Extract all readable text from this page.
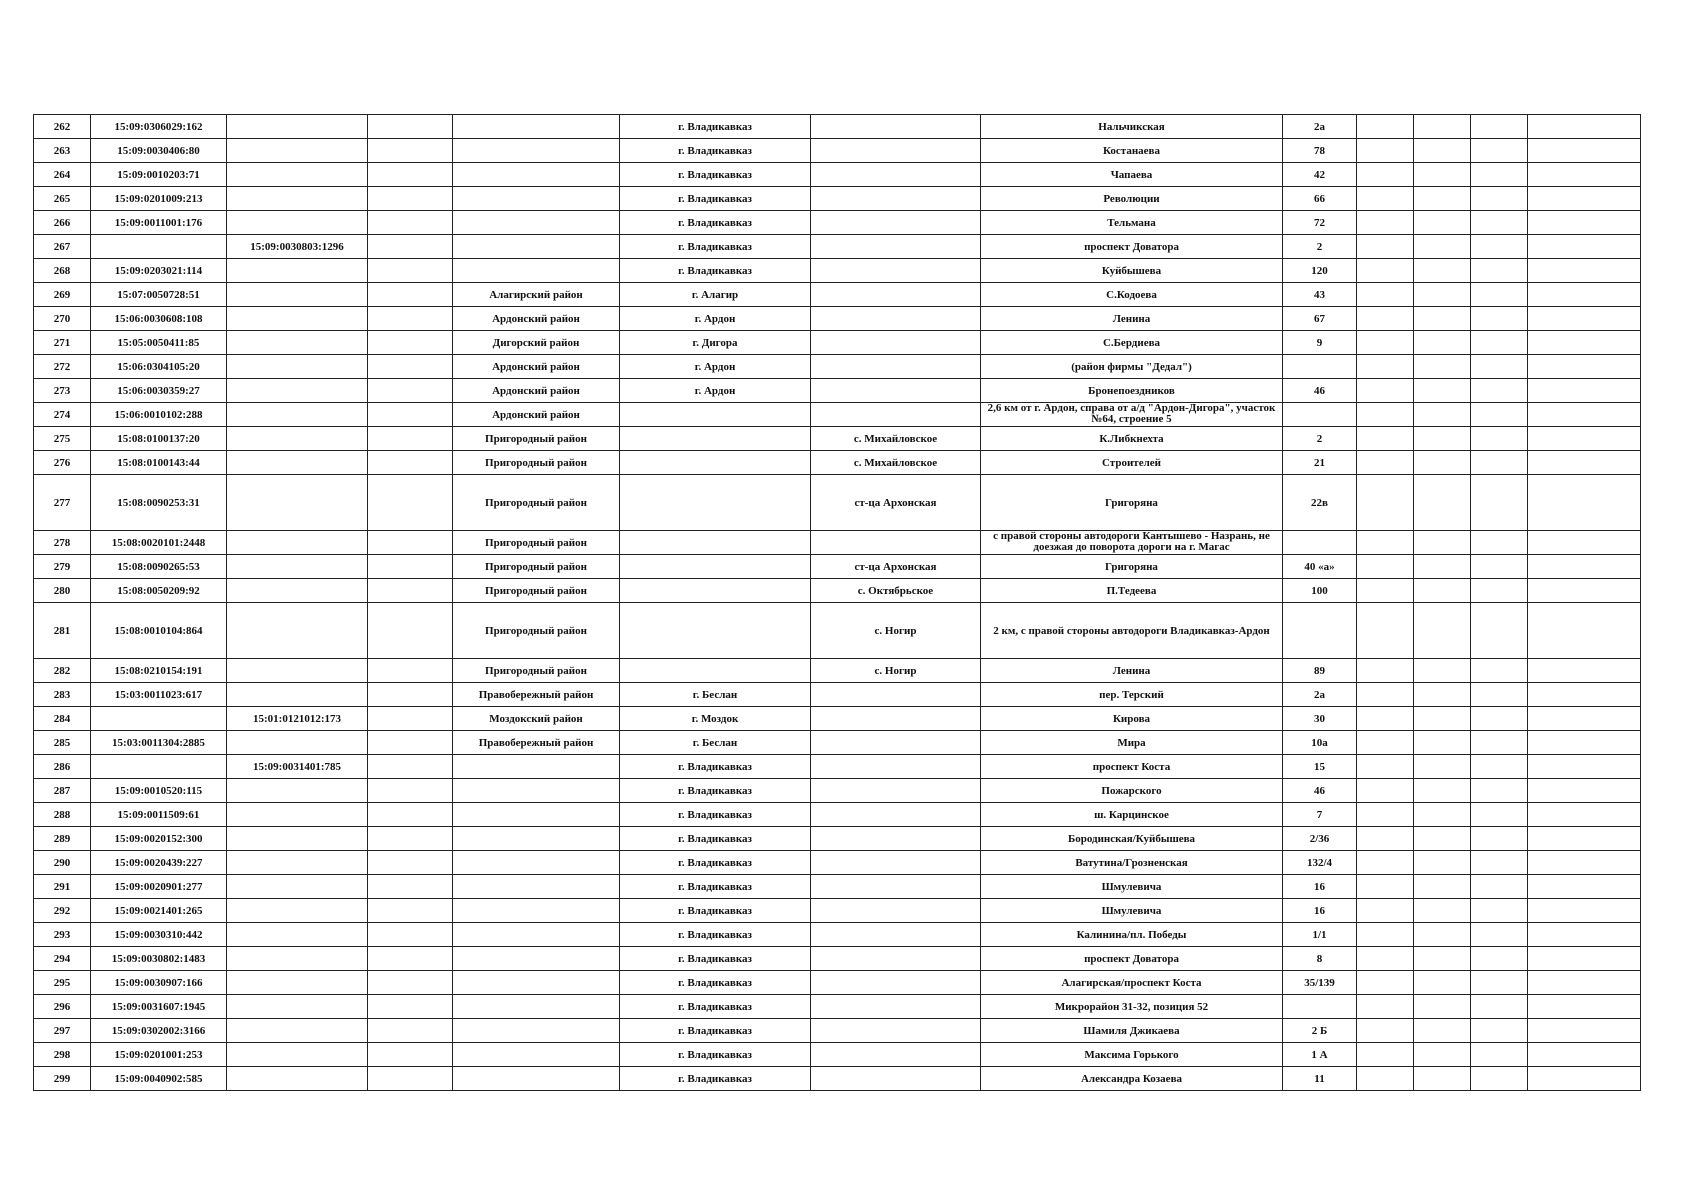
262	15:09:0306029:162				г. Владикавказ		Нальчикская	2а				
263	15:09:0030406:80				г. Владикавказ		Костанаева	78				
264	15:09:0010203:71				г. Владикавказ		Чапаева	42				
265	15:09:0201009:213				г. Владикавказ		Революции	66				
266	15:09:0011001:176				г. Владикавказ		Тельмана	72				
267		15:09:0030803:1296			г. Владикавказ		проспект Доватора	2				
268	15:09:0203021:114				г. Владикавказ		Куйбышева	120				
269	15:07:0050728:51			Алагирский район	г. Алагир		С.Кодоева	43				
270	15:06:0030608:108			Ардонский район	г. Ардон		Ленина	67				
271	15:05:0050411:85			Дигорский район	г. Дигора		С.Бердиева	9				
272	15:06:0304105:20			Ардонский район	г. Ардон		(район фирмы "Дедал")					
273	15:06:0030359:27			Ардонский район	г. Ардон		Бронепоездников	46				
274	15:06:0010102:288			Ардонский район			2,6 км от г. Ардон, справа от а/д "Ардон-Дигора", участок №64, строение 5					
275	15:08:0100137:20			Пригородный район		с. Михайловское	К.Либкнехта	2				
276	15:08:0100143:44			Пригородный район		с. Михайловское	Строителей	21				
277	15:08:0090253:31			Пригородный район		ст-ца Архонская	Григоряна	22в				
278	15:08:0020101:2448			Пригородный район			с правой стороны автодороги Кантышево - Назрань, не доезжая до поворота дороги на г. Магас					
279	15:08:0090265:53			Пригородный район		ст-ца Архонская	Григоряна	40 «а»				
280	15:08:0050209:92			Пригородный район		с. Октябрьское	П.Тедеева	100				
281	15:08:0010104:864			Пригородный район		с. Ногир	2 км, с правой стороны автодороги Владикавказ-Ардон					
282	15:08:0210154:191			Пригородный район		с. Ногир	Ленина	89				
283	15:03:0011023:617			Правобережный район	г. Беслан		пер. Терский	2а				
284		15:01:0121012:173		Моздокский район	г. Моздок		Кирова	30				
285	15:03:0011304:2885			Правобережный район	г. Беслан		Мира	10а				
286		15:09:0031401:785			г. Владикавказ		проспект Коста	15				
287	15:09:0010520:115				г. Владикавказ		Пожарского	46				
288	15:09:0011509:61				г. Владикавказ		ш. Карцинское	7				
289	15:09:0020152:300				г. Владикавказ		Бородинская/Куйбышева	2/36				
290	15:09:0020439:227				г. Владикавказ		Ватутина/Грозненская	132/4				
291	15:09:0020901:277				г. Владикавказ		Шмулевича	16				
292	15:09:0021401:265				г. Владикавказ		Шмулевича	16				
293	15:09:0030310:442				г. Владикавказ		Калинина/пл. Победы	1/1				
294	15:09:0030802:1483				г. Владикавказ		проспект Доватора	8				
295	15:09:0030907:166				г. Владикавказ		Алагирская/проспект Коста	35/139				
296	15:09:0031607:1945				г. Владикавказ		Микрорайон 31-32, позиция 52					
297	15:09:0302002:3166				г. Владикавказ		Шамиля Джикаева	2 Б				
298	15:09:0201001:253				г. Владикавказ		Максима Горького	1 А				
299	15:09:0040902:585				г. Владикавказ		Александра Козаева	11				
